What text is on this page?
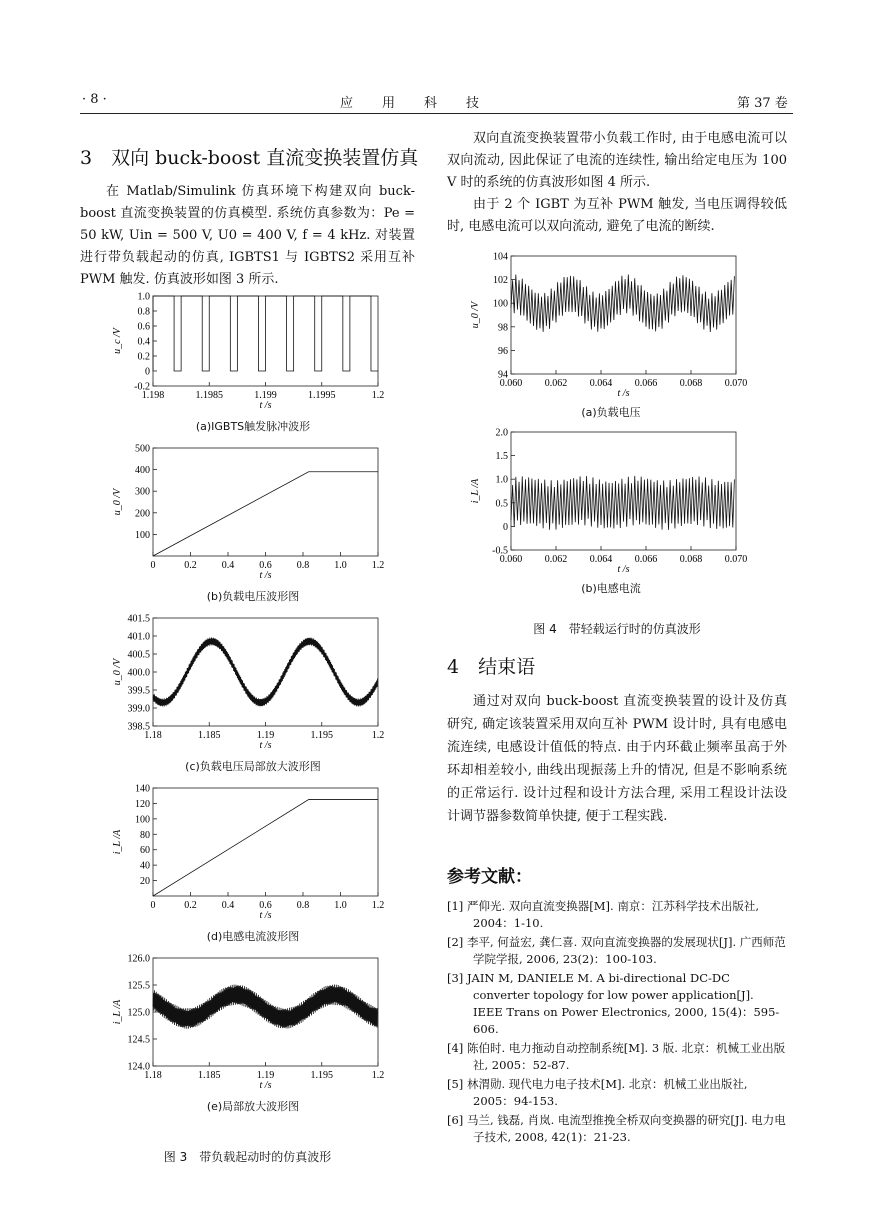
· 8 ·	应　　用　　科　　技	第 37 卷
3　双向 buck-boost 直流变换装置仿真

在 Matlab/Simulink 仿真环境下构建双向 buck-boost 直流变换装置的仿真模型. 系统仿真参数为：Pe = 50 kW, Uin = 500 V, U0 = 400 V, f = 4 kHz. 对装置进行带负载起动的仿真, IGBTS1 与 IGBTS2 采用互补 PWM 触发. 仿真波形如图 3 所示.

-0.2
0
0.2
0.4
0.6
0.8
1.0
1.198	1.1985	1.199	1.1995	1.2
t /s
u_c /V
(a)IGBTS触发脉冲波形
100
200
300
400
500
0	0.2	0.4	0.6	0.8	1.0	1.2
t /s
u_0 /V
(b)负载电压波形图
398.5
399.0
399.5
400.0
400.5
401.0
401.5
1.18	1.185	1.19	1.195	1.2
t /s
u_0 /V
(c)负载电压局部放大波形图
20
40
60
80
100
120
140
0	0.2	0.4	0.6	0.8	1.0	1.2
t /s
i_L /A
(d)电感电流波形图
124.0
124.5
125.0
125.5
126.0
1.18	1.185	1.19	1.195	1.2
t /s
i_L /A
(e)局部放大波形图
图 3　带负载起动时的仿真波形

双向直流变换装置带小负载工作时, 由于电感电流可以双向流动, 因此保证了电流的连续性, 输出给定电压为 100 V 时的系统的仿真波形如图 4 所示.

由于 2 个 IGBT 为互补 PWM 触发, 当电压调得较低时, 电感电流可以双向流动, 避免了电流的断续.

94
96
98
100
102
104
0.060 0.062 0.064 0.066 0.068 0.070
t /s
u_0 /V
(a)负载电压
-0.5
0
0.5
1.0
1.5
2.0
0.060 0.062 0.064 0.066 0.068 0.070
t /s
i_L /A
(b)电感电流
图 4　带轻载运行时的仿真波形
4　结束语

通过对双向 buck-boost 直流变换装置的设计及仿真研究, 确定该装置采用双向互补 PWM 设计时, 具有电感电流连续, 电感设计值低的特点. 由于内环截止频率虽高于外环却相差较小, 曲线出现振荡上升的情况, 但是不影响系统的正常运行. 设计过程和设计方法合理, 采用工程设计法设计调节器参数简单快捷, 便于工程实践.

参考文献：
[1] 严仰光. 双向直流变换器[M]. 南京：江苏科学技术出版社, 2004：1-10.
[2] 李平, 何益宏, 龚仁喜. 双向直流变换器的发展现状[J]. 广西师范学院学报, 2006, 23(2)：100-103.
[3] JAIN M, DANIELE M. A bi-directional DC-DC converter topology for low power application[J]. IEEE Trans on Power Electronics, 2000, 15(4)：595-606.
[4] 陈伯时. 电力拖动自动控制系统[M]. 3 版. 北京：机械工业出版社, 2005：52-87.
[5] 林渭勋. 现代电力电子技术[M]. 北京：机械工业出版社, 2005：94-153.
[6] 马兰, 钱磊, 肖岚. 电流型推挽全桥双向变换器的研究[J]. 电力电子技术, 2008, 42(1)：21-23.
